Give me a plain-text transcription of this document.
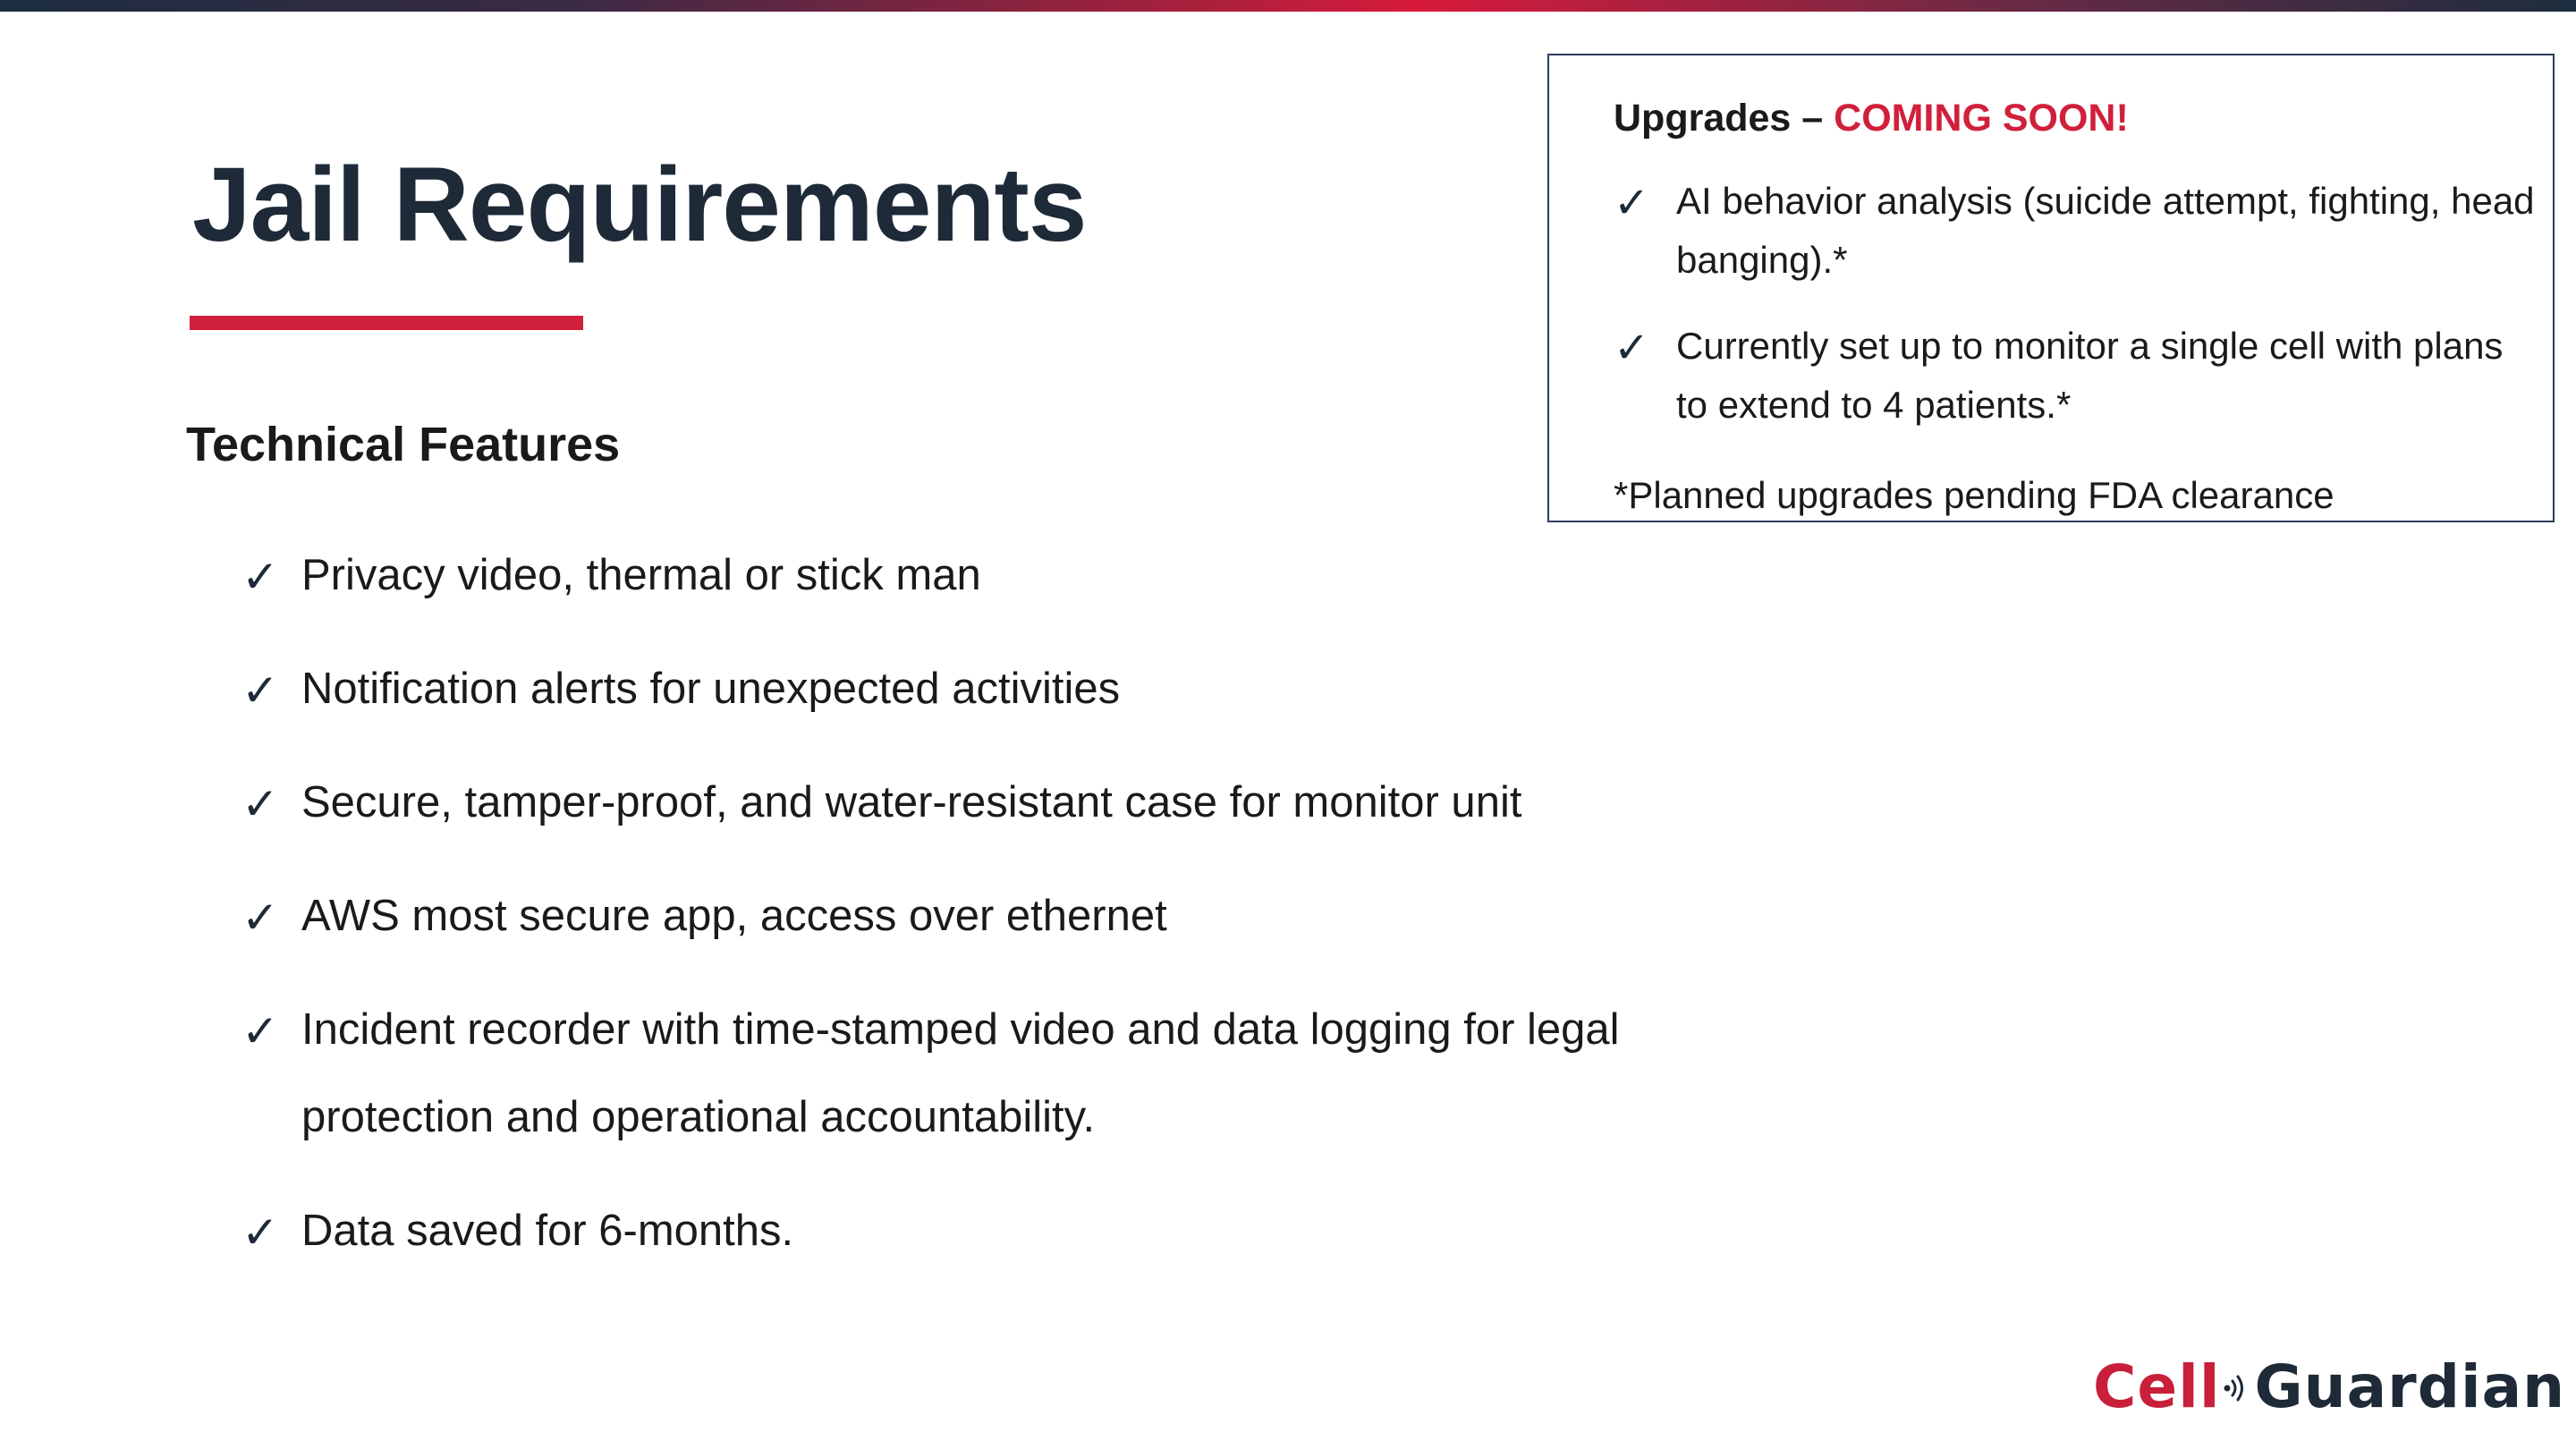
Jail Requirements
Technical Features
✓ Privacy video, thermal or stick man
✓ Notification alerts for unexpected activities
✓ Secure, tamper-proof, and water-resistant case for monitor unit
✓ AWS most secure app, access over ethernet
✓ Incident recorder with time-stamped video and data logging for legal protection and operational accountability.
✓ Data saved for 6-months.
Upgrades – COMING SOON!
✓ AI behavior analysis (suicide attempt, fighting, head banging).*
✓ Currently set up to monitor a single cell with plans to extend to 4 patients.*
*Planned upgrades pending FDA clearance
Cell Guardian
